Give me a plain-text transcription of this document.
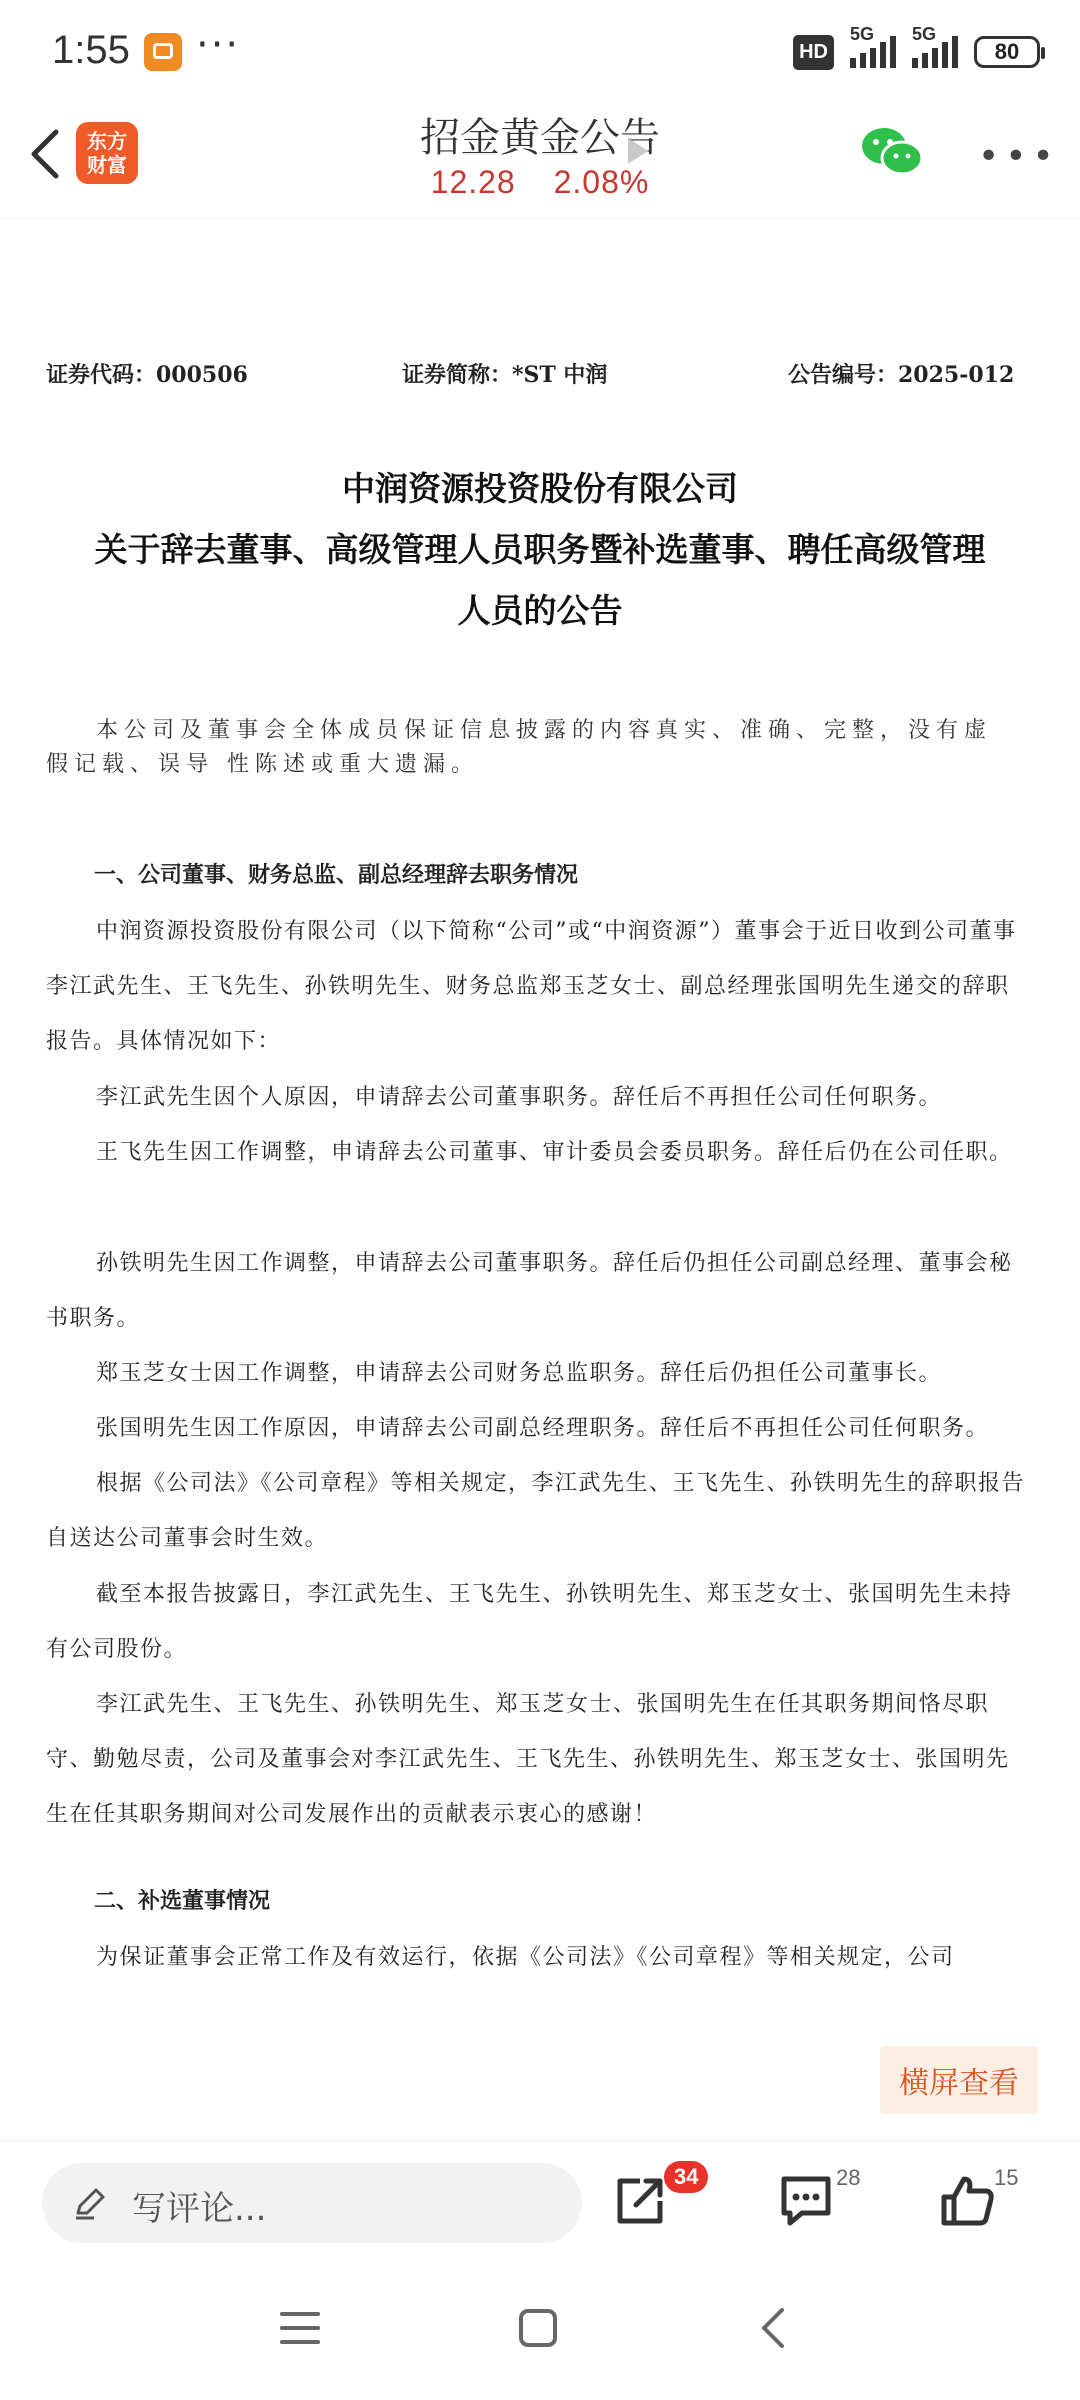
1:55 ···	HD
5G 5G
80
东方
财富
招金黄金公告
12.28 2.08%
•••
证券代码：000506	证券简称：*ST 中润	公告编号：2025-012
中润资源投资股份有限公司
关于辞去董事、高级管理人员职务暨补选董事、聘任高级管理
人员的公告
本公司及董事会全体成员保证信息披露的内容真实、准确、完整，没有虚假记载、误导 性陈述或重大遗漏。
一、公司董事、财务总监、副总经理辞去职务情况
中润资源投资股份有限公司（以下简称“公司”或“中润资源”）董事会于近日收到公司董事李江武先生、王飞先生、孙铁明先生、财务总监郑玉芝女士、副总经理张国明先生递交的辞职报告。具体情况如下：
李江武先生因个人原因，申请辞去公司董事职务。辞任后不再担任公司任何职务。
王飞先生因工作调整，申请辞去公司董事、审计委员会委员职务。辞任后仍在公司任职。
孙铁明先生因工作调整，申请辞去公司董事职务。辞任后仍担任公司副总经理、董事会秘书职务。
郑玉芝女士因工作调整，申请辞去公司财务总监职务。辞任后仍担任公司董事长。
张国明先生因工作原因，申请辞去公司副总经理职务。辞任后不再担任公司任何职务。
根据《公司法》《公司章程》等相关规定，李江武先生、王飞先生、孙铁明先生的辞职报告自送达公司董事会时生效。
截至本报告披露日，李江武先生、王飞先生、孙铁明先生、郑玉芝女士、张国明先生未持有公司股份。
李江武先生、王飞先生、孙铁明先生、郑玉芝女士、张国明先生在任其职务期间恪尽职守、勤勉尽责，公司及董事会对李江武先生、王飞先生、孙铁明先生、郑玉芝女士、张国明先生在任其职务期间对公司发展作出的贡献表示衷心的感谢！
二、补选董事情况
为保证董事会正常工作及有效运行，依据《公司法》《公司章程》等相关规定，公司
横屏查看
写评论...
34	28	15
